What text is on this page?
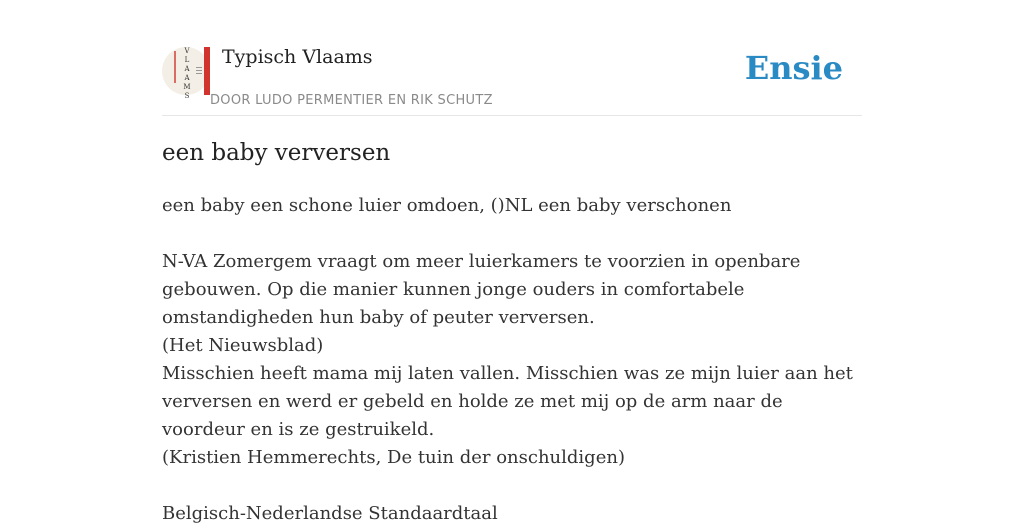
V
L
A
A
M
S
Typisch Vlaams
DOOR LUDO PERMENTIER EN RIK SCHUTZ
Ensie
een baby verversen

een baby een schone luier omdoen, ()NL een baby verschonen

N-VA Zomergem vraagt om meer luierkamers te voorzien in openbare gebouwen. Op die manier kunnen jonge ouders in comfortabele omstandigheden hun baby of peuter verversen.

(Het Nieuwsblad)

Misschien heeft mama mij laten vallen. Misschien was ze mijn luier aan het verversen en werd er gebeld en holde ze met mij op de arm naar de voordeur en is ze gestruikeld.

(Kristien Hemmerechts, De tuin der onschuldigen)

Belgisch-Nederlandse Standaardtaal
